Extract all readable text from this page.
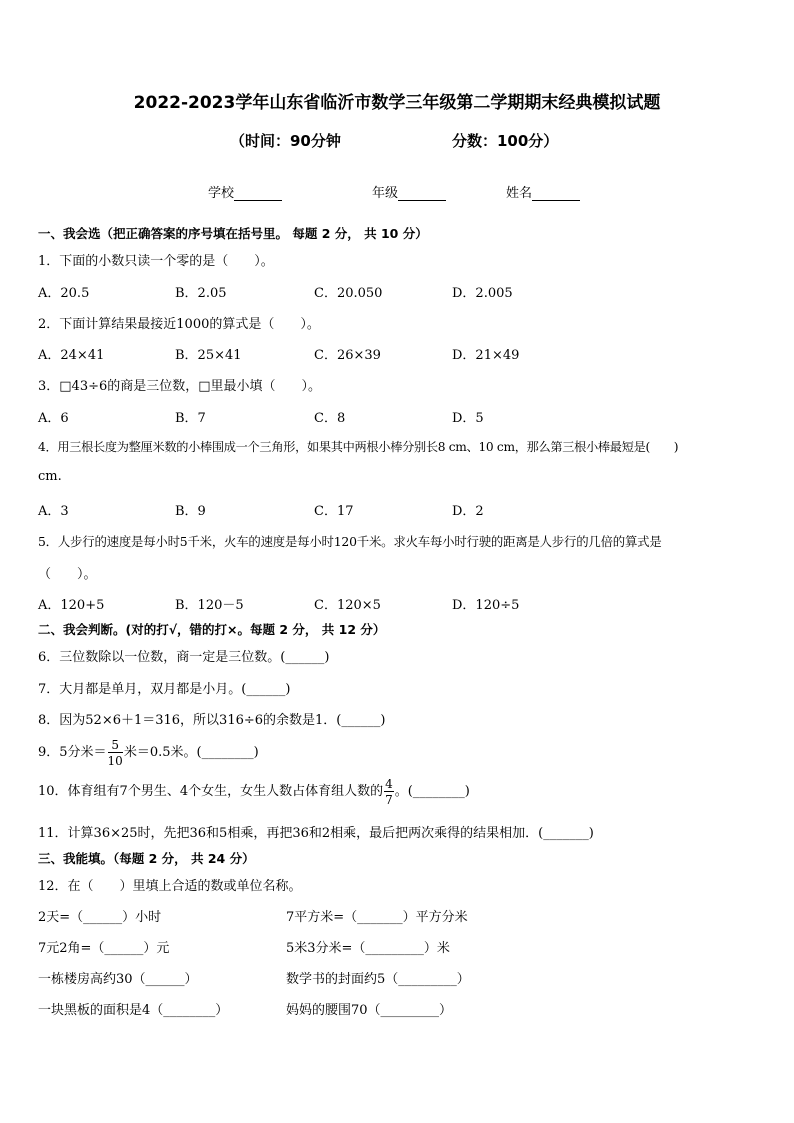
2022-2023学年山东省临沂市数学三年级第二学期期末经典模拟试题
（时间：90分钟	分数：100分）
学校	年级	姓名
一、我会选（把正确答案的序号填在括号里。 每题 2 分， 共 10 分）
1．下面的小数只读一个零的是（　　）。
A．20.5	B．2.05	C．20.050	D．2.005
2．下面计算结果最接近1000的算式是（　　）。
A．24×41	B．25×41	C．26×39	D．21×49
3．□43÷6的商是三位数，□里最小填（　　）。
A．6	B．7	C．8	D．5
4．用三根长度为整厘米数的小棒围成一个三角形，如果其中两根小棒分别长8 cm、10 cm，那么第三根小棒最短是(　　)
cm.
A．3	B．9	C．17	D．2
5．人步行的速度是每小时5千米，火车的速度是每小时120千米。求火车每小时行驶的距离是人步行的几倍的算式是
（　　）。
A．120+5	B．120－5	C．120×5	D．120÷5
二、我会判断。(对的打√，错的打×。每题 2 分， 共 12 分）
6．三位数除以一位数，商一定是三位数。(______)
7．大月都是单月，双月都是小月。(______)
8．因为52×6＋1＝316，所以316÷6的余数是1．(______)
9．5分米＝ $\frac{5}{10}$ 米＝0.5米。(________)
10．体育组有7个男生、4个女生，女生人数占体育组人数的 $\frac{4}{7}$ 。(________)
11．计算36×25时，先把36和5相乘，再把36和2相乘，最后把两次乘得的结果相加．(_______)
三、我能填。（每题 2 分， 共 24 分）
12．在（　　）里填上合适的数或单位名称。
2天=（______）小时	7平方米=（_______）平方分米
7元2角=（______）元	5米3分米=（_________）米
一栋楼房高约30（______）	数学书的封面约5（_________）
一块黑板的面积是4（________）	妈妈的腰围70（_________）
